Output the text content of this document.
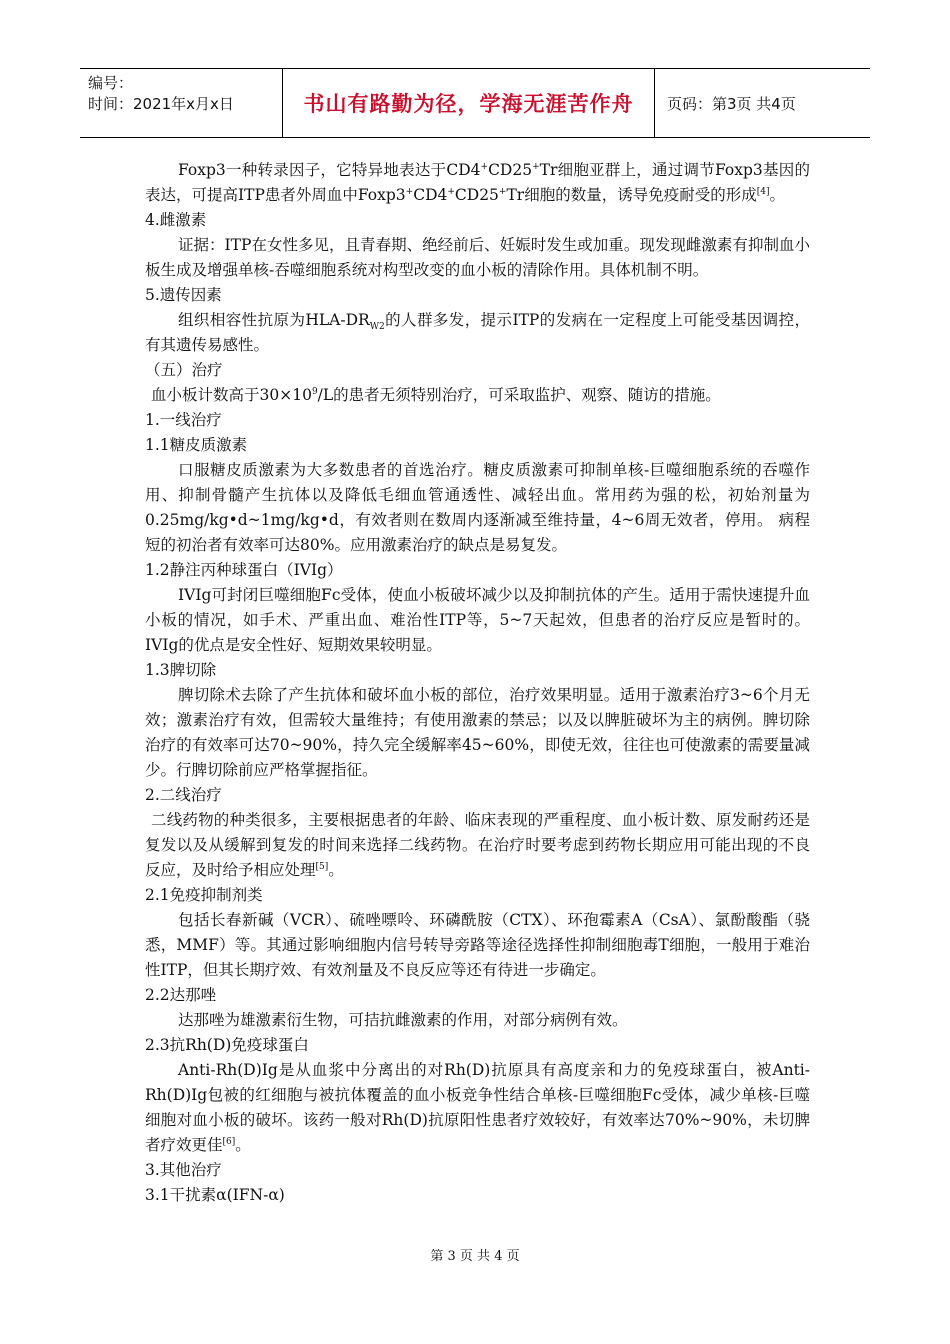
编号：
时间：2021年x月x日	书山有路勤为径，学海无涯苦作舟	页码：第3页 共4页

Foxp3一种转录因子，它特异地表达于CD4+CD25+Tr细胞亚群上，通过调节Foxp3基因的表达，可提高ITP患者外周血中Foxp3+CD4+CD25+Tr细胞的数量，诱导免疫耐受的形成[4]。

4.雌激素

证据：ITP在女性多见，且青春期、绝经前后、妊娠时发生或加重。现发现雌激素有抑制血小板生成及增强单核-吞噬细胞系统对构型改变的血小板的清除作用。具体机制不明。

5.遗传因素

组织相容性抗原为HLA-$DR_{W2}$的人群多发，提示ITP的发病在一定程度上可能受基因调控，有其遗传易感性。

（五）治疗

血小板计数高于$30\times 10^9/L$的患者无须特别治疗，可采取监护、观察、随访的措施。

1.一线治疗

1.1糖皮质激素

口服糖皮质激素为大多数患者的首选治疗。糖皮质激素可抑制单核-巨噬细胞系统的吞噬作用、抑制骨髓产生抗体以及降低毛细血管通透性、减轻出血。常用药为强的松，初始剂量为0.25mg/kg•d~1mg/kg•d，有效者则在数周内逐渐减至维持量，4~6周无效者，停用。 病程短的初治者有效率可达80%。应用激素治疗的缺点是易复发。

1.2静注丙种球蛋白（IVIg）

IVIg可封闭巨噬细胞Fc受体，使血小板破坏减少以及抑制抗体的产生。适用于需快速提升血小板的情况，如手术、严重出血、难治性ITP等，5~7天起效，但患者的治疗反应是暂时的。IVIg的优点是安全性好、短期效果较明显。

1.3脾切除

脾切除术去除了产生抗体和破坏血小板的部位，治疗效果明显。适用于激素治疗3~6个月无效；激素治疗有效，但需较大量维持；有使用激素的禁忌；以及以脾脏破坏为主的病例。脾切除治疗的有效率可达70~90%，持久完全缓解率45~60%，即使无效，往往也可使激素的需要量减少。行脾切除前应严格掌握指征。

2.二线治疗

二线药物的种类很多，主要根据患者的年龄、临床表现的严重程度、血小板计数、原发耐药还是复发以及从缓解到复发的时间来选择二线药物。在治疗时要考虑到药物长期应用可能出现的不良反应，及时给予相应处理[5]。

2.1免疫抑制剂类

包括长春新碱（VCR）、硫唑嘌呤、环磷酰胺（CTX）、环孢霉素A（CsA）、氯酚酸酯（骁悉，MMF）等。其通过影响细胞内信号转导旁路等途径选择性抑制细胞毒T细胞，一般用于难治性ITP，但其长期疗效、有效剂量及不良反应等还有待进一步确定。

2.2达那唑

达那唑为雄激素衍生物，可拮抗雌激素的作用，对部分病例有效。

2.3抗Rh(D)免疫球蛋白

Anti-Rh(D)Ig是从血浆中分离出的对Rh(D)抗原具有高度亲和力的免疫球蛋白，被Anti-Rh(D)Ig包被的红细胞与被抗体覆盖的血小板竞争性结合单核-巨噬细胞Fc受体，减少单核-巨噬细胞对血小板的破坏。该药一般对Rh(D)抗原阳性患者疗效较好，有效率达70%~90%，未切脾者疗效更佳[6]。

3.其他治疗

3.1干扰素α(IFN-α)

第 3 页 共 4 页
